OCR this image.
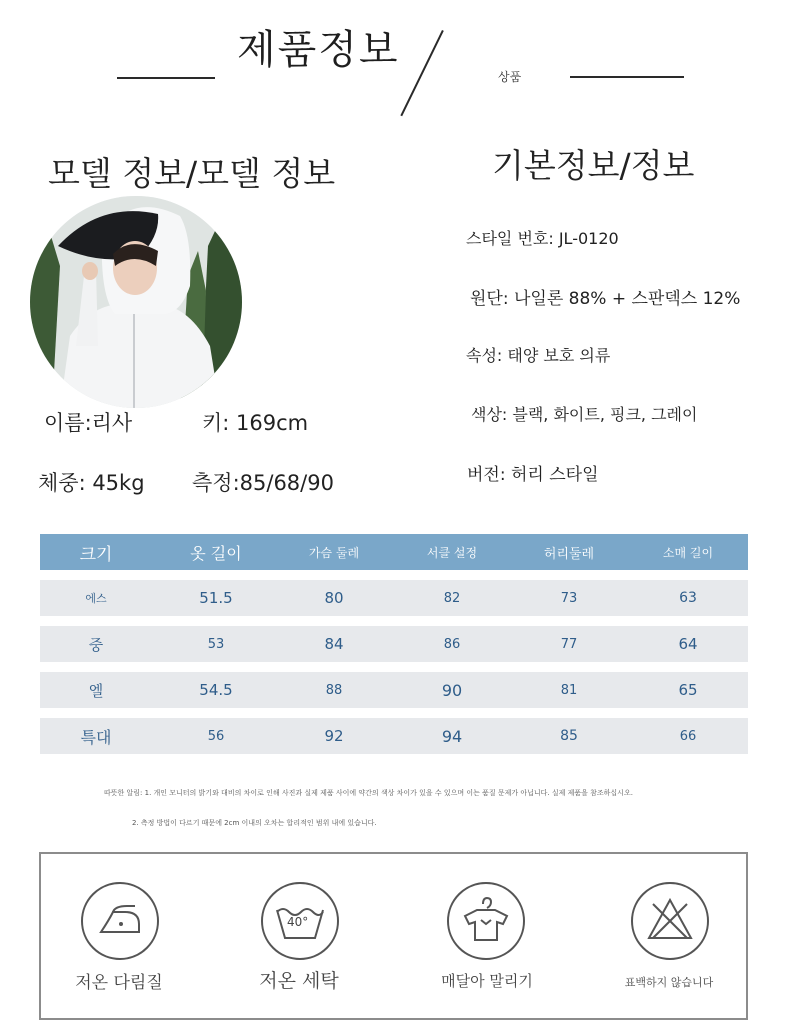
제품정보
상품
모델 정보/모델 정보	기본정보/정보
이름:리사	키: 169cm
체중: 45kg 측정:85/68/90
스타일 번호: JL-0120
원단: 나일론 88% + 스판덱스 12%
속성: 태양 보호 의류
색상: 블랙, 화이트, 핑크, 그레이
버전: 허리 스타일
크기	옷 길이	가슴 둘레	서클 설정	허리둘레	소매 길이
에스	51.5	80	82	73	63
중	53	84	86	77	64
엘	54.5	88	90	81	65
특대	56	92	94	85	66
따뜻한 알림: 1. 개인 모니터의 밝기와 대비의 차이로 인해 사진과 실제 제품 사이에 약간의 색상 차이가 있을 수 있으며 이는 품질 문제가 아닙니다. 실제 제품을 참조하십시오.
2. 측정 방법이 다르기 때문에 2cm 이내의 오차는 합리적인 범위 내에 있습니다.
저온 다림질
40°
저온 세탁	매달아 말리기	표백하지 않습니다
